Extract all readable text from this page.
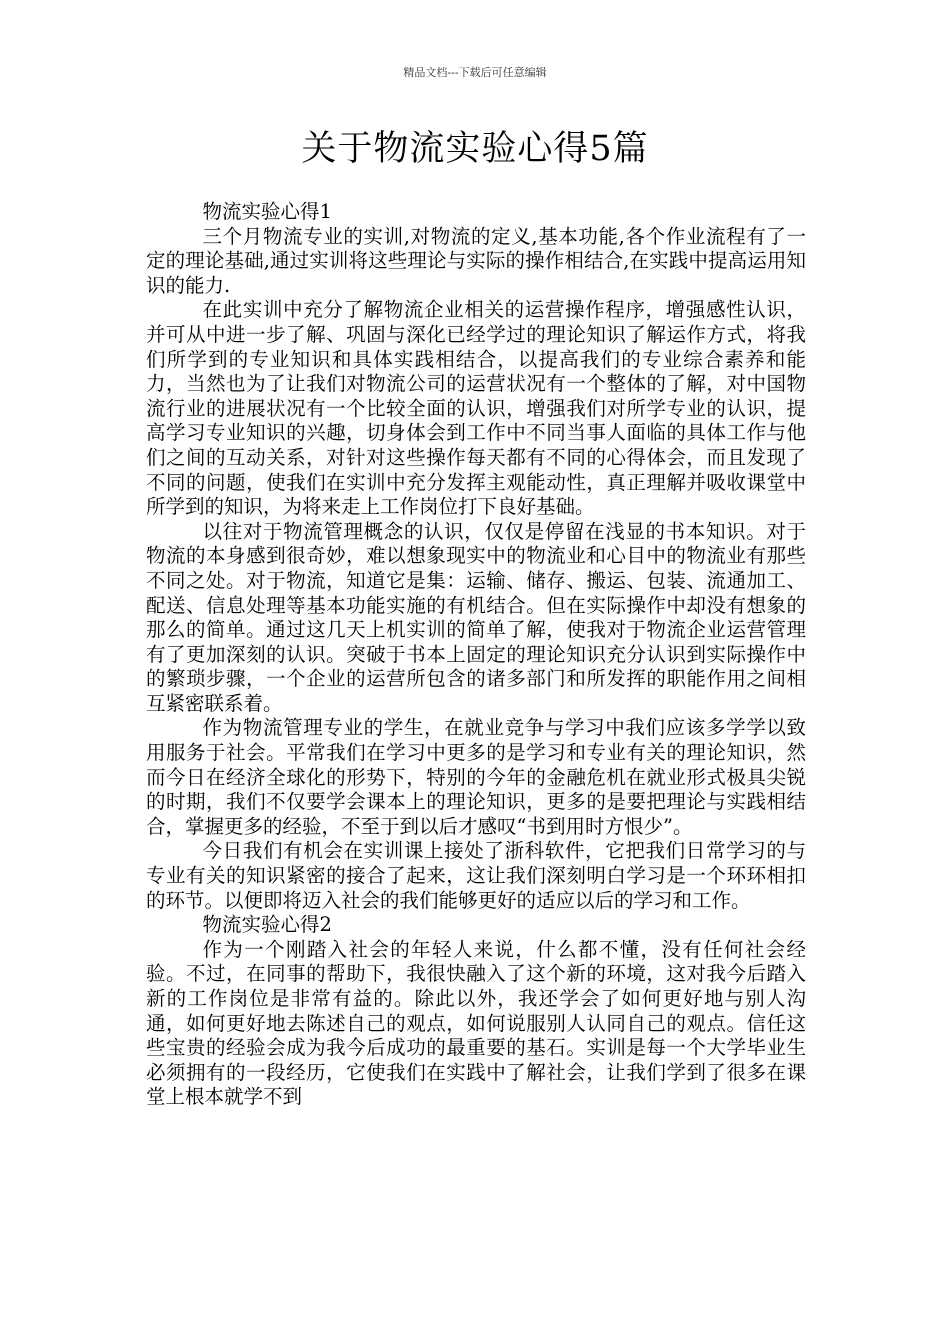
精品文档---下载后可任意编辑
关于物流实验心得5篇

物流实验心得1

三个月物流专业的实训,对物流的定义,基本功能,各个作业流程有了一定的理论基础,通过实训将这些理论与实际的操作相结合,在实践中提高运用知识的能力.

在此实训中充分了解物流企业相关的运营操作程序，增强感性认识，并可从中进一步了解、巩固与深化已经学过的理论知识了解运作方式，将我们所学到的专业知识和具体实践相结合，以提高我们的专业综合素养和能力，当然也为了让我们对物流公司的运营状况有一个整体的了解，对中国物流行业的进展状况有一个比较全面的认识，增强我们对所学专业的认识，提高学习专业知识的兴趣，切身体会到工作中不同当事人面临的具体工作与他们之间的互动关系，对针对这些操作每天都有不同的心得体会，而且发现了不同的问题，使我们在实训中充分发挥主观能动性，真正理解并吸收课堂中所学到的知识，为将来走上工作岗位打下良好基础。

以往对于物流管理概念的认识，仅仅是停留在浅显的书本知识。对于物流的本身感到很奇妙，难以想象现实中的物流业和心目中的物流业有那些不同之处。对于物流，知道它是集：运输、储存、搬运、包装、流通加工、配送、信息处理等基本功能实施的有机结合。但在实际操作中却没有想象的那么的简单。通过这几天上机实训的简单了解，使我对于物流企业运营管理有了更加深刻的认识。突破于书本上固定的理论知识充分认识到实际操作中的繁琐步骤，一个企业的运营所包含的诸多部门和所发挥的职能作用之间相互紧密联系着。

作为物流管理专业的学生，在就业竞争与学习中我们应该多学学以致用服务于社会。平常我们在学习中更多的是学习和专业有关的理论知识，然而今日在经济全球化的形势下，特别的今年的金融危机在就业形式极具尖锐的时期，我们不仅要学会课本上的理论知识，更多的是要把理论与实践相结合，掌握更多的经验，不至于到以后才感叹“书到用时方恨少”。

今日我们有机会在实训课上接处了浙科软件，它把我们日常学习的与专业有关的知识紧密的接合了起来，这让我们深刻明白学习是一个环环相扣的环节。以便即将迈入社会的我们能够更好的适应以后的学习和工作。

物流实验心得2

作为一个刚踏入社会的年轻人来说，什么都不懂，没有任何社会经验。不过，在同事的帮助下，我很快融入了这个新的环境，这对我今后踏入新的工作岗位是非常有益的。除此以外，我还学会了如何更好地与别人沟通，如何更好地去陈述自己的观点，如何说服别人认同自己的观点。信任这些宝贵的经验会成为我今后成功的最重要的基石。实训是每一个大学毕业生必须拥有的一段经历，它使我们在实践中了解社会，让我们学到了很多在课堂上根本就学不到
